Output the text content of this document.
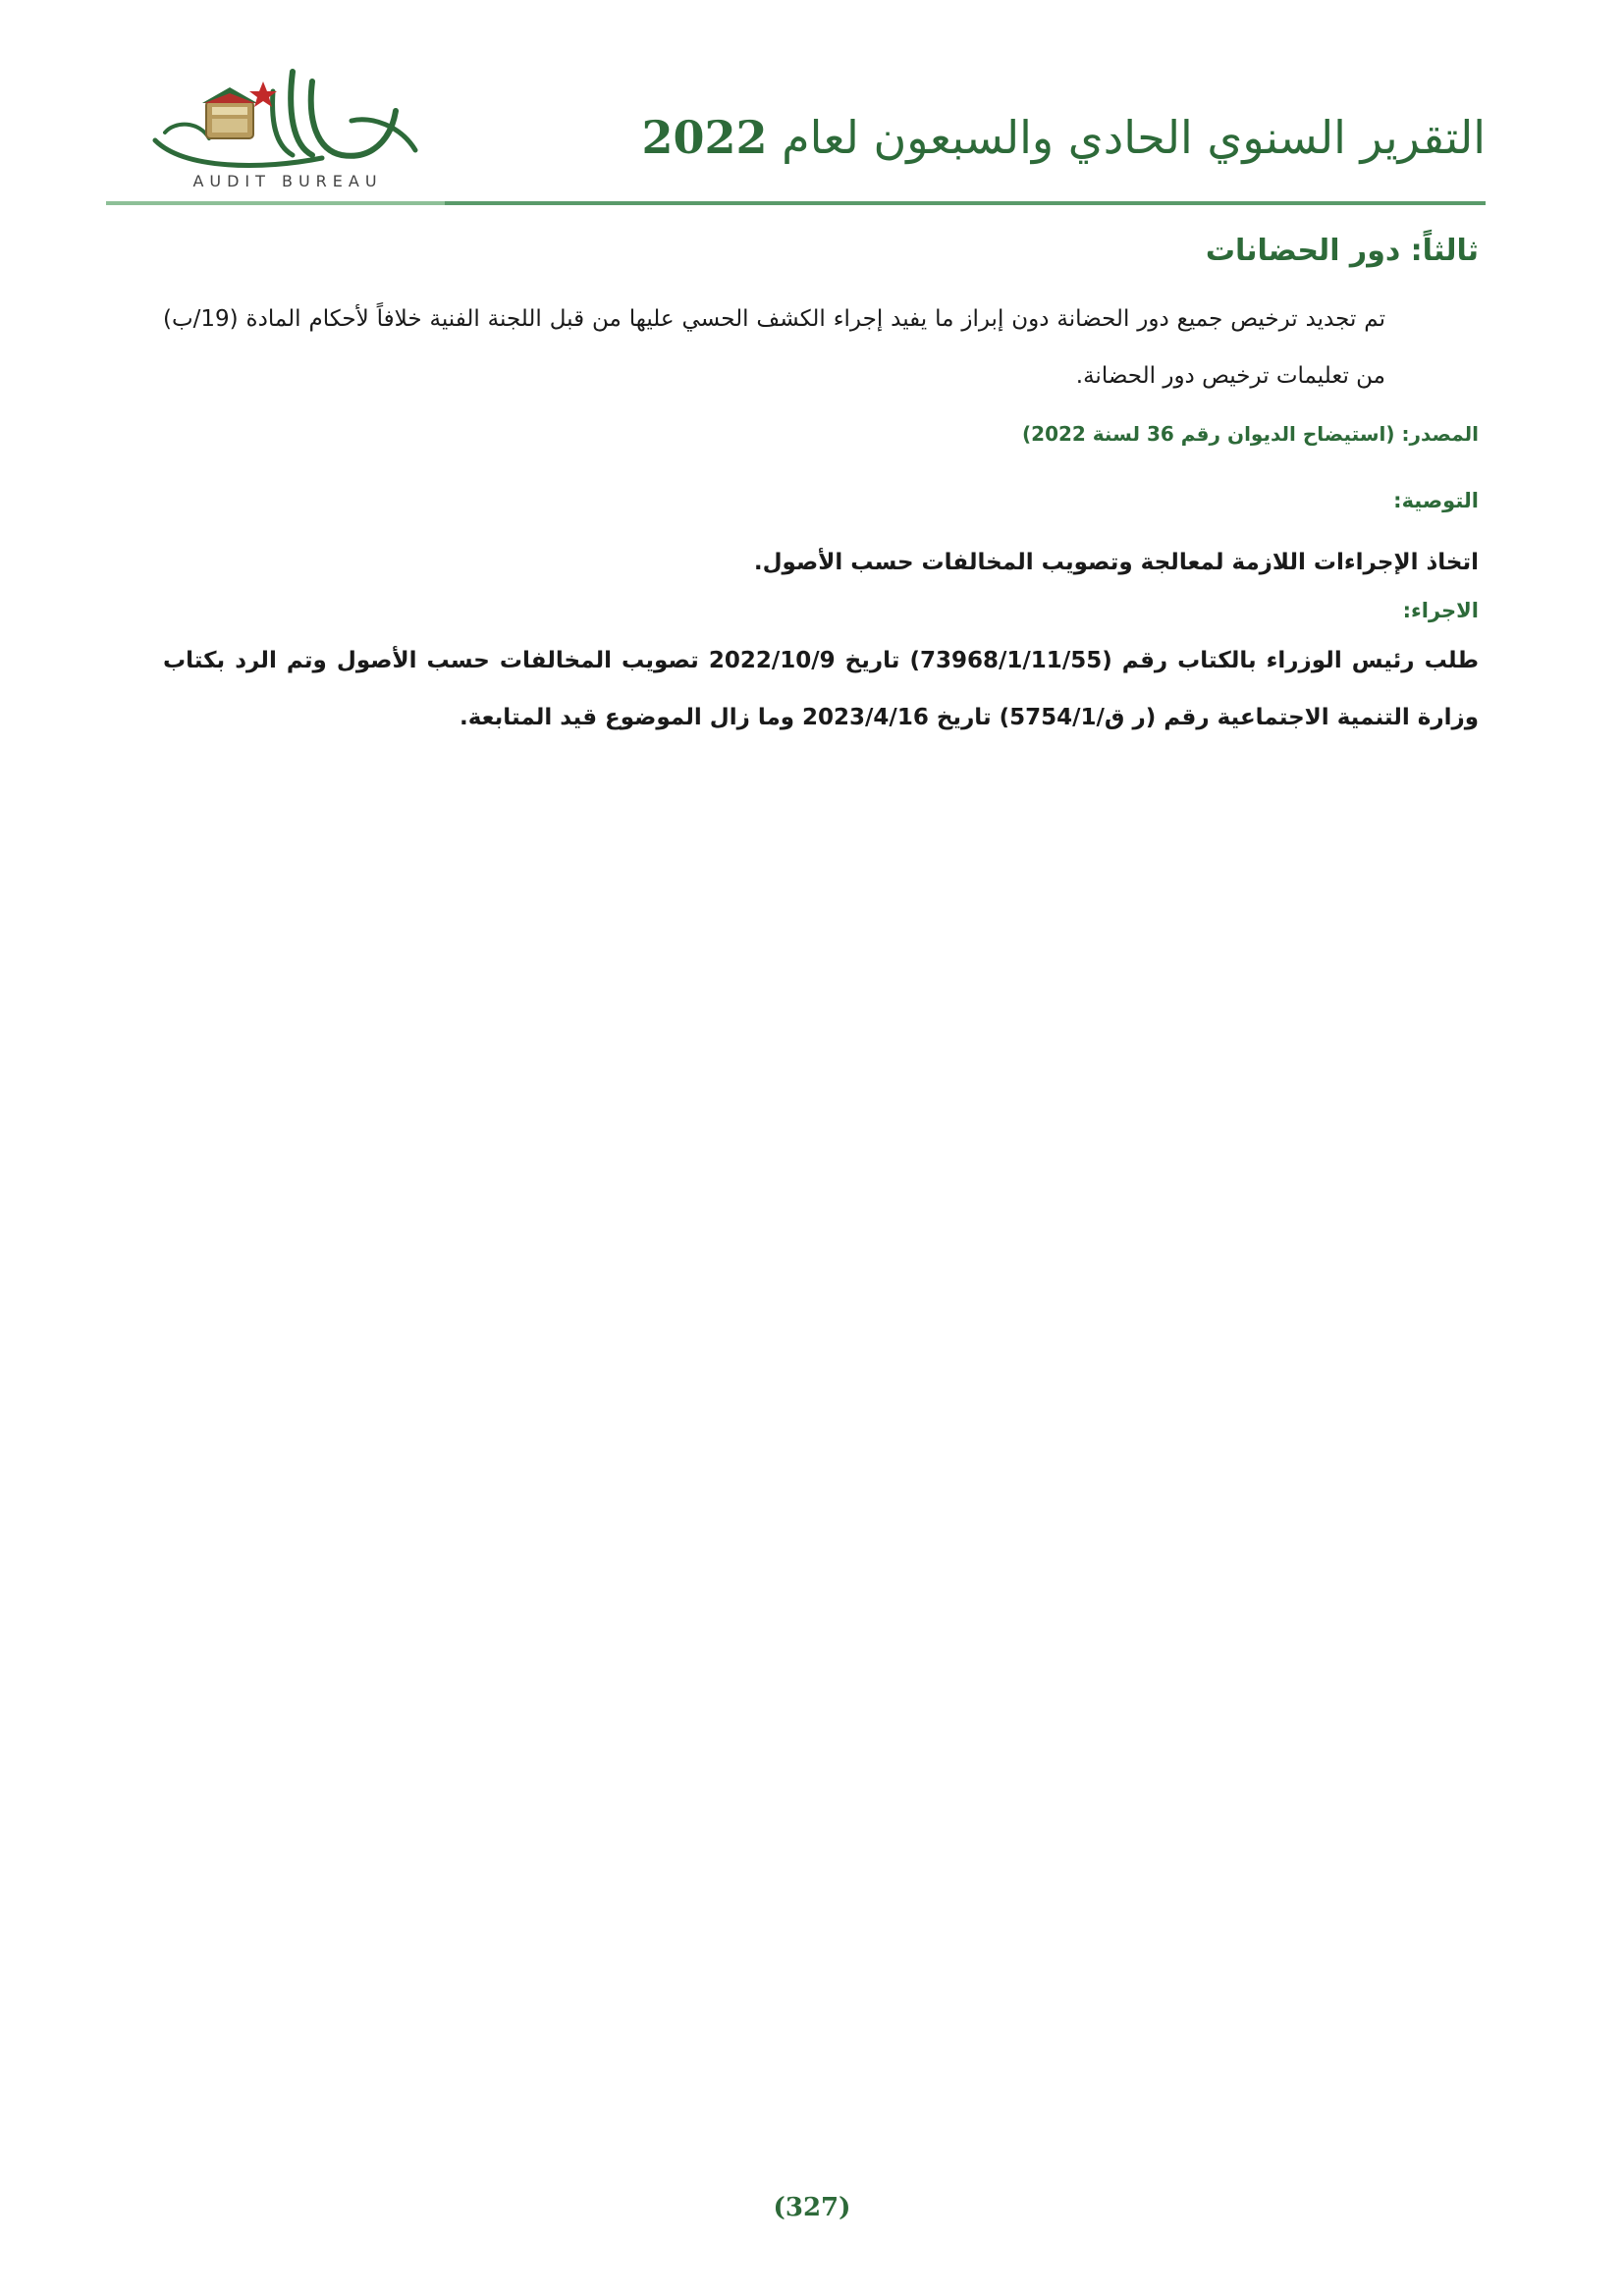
AUDIT BUREAU
التقرير السنوي الحادي والسبعون لعام 2022
ثالثاً: دور الحضانات

تم تجديد ترخيص جميع دور الحضانة دون إبراز ما يفيد إجراء الكشف الحسي عليها من قبل اللجنة الفنية خلافاً لأحكام المادة (19/ب) من تعليمات ترخيص دور الحضانة.

المصدر: (استيضاح الديوان رقم 36 لسنة 2022)
التوصية:

اتخاذ الإجراءات اللازمة لمعالجة وتصويب المخالفات حسب الأصول.

الاجراء:

طلب رئيس الوزراء بالكتاب رقم (73968/1/11/55) تاريخ 2022/10/9 تصويب المخالفات حسب الأصول وتم الرد بكتاب وزارة التنمية الاجتماعية رقم (ر ق/5754/1) تاريخ 2023/4/16 وما زال الموضوع قيد المتابعة.

(327)
